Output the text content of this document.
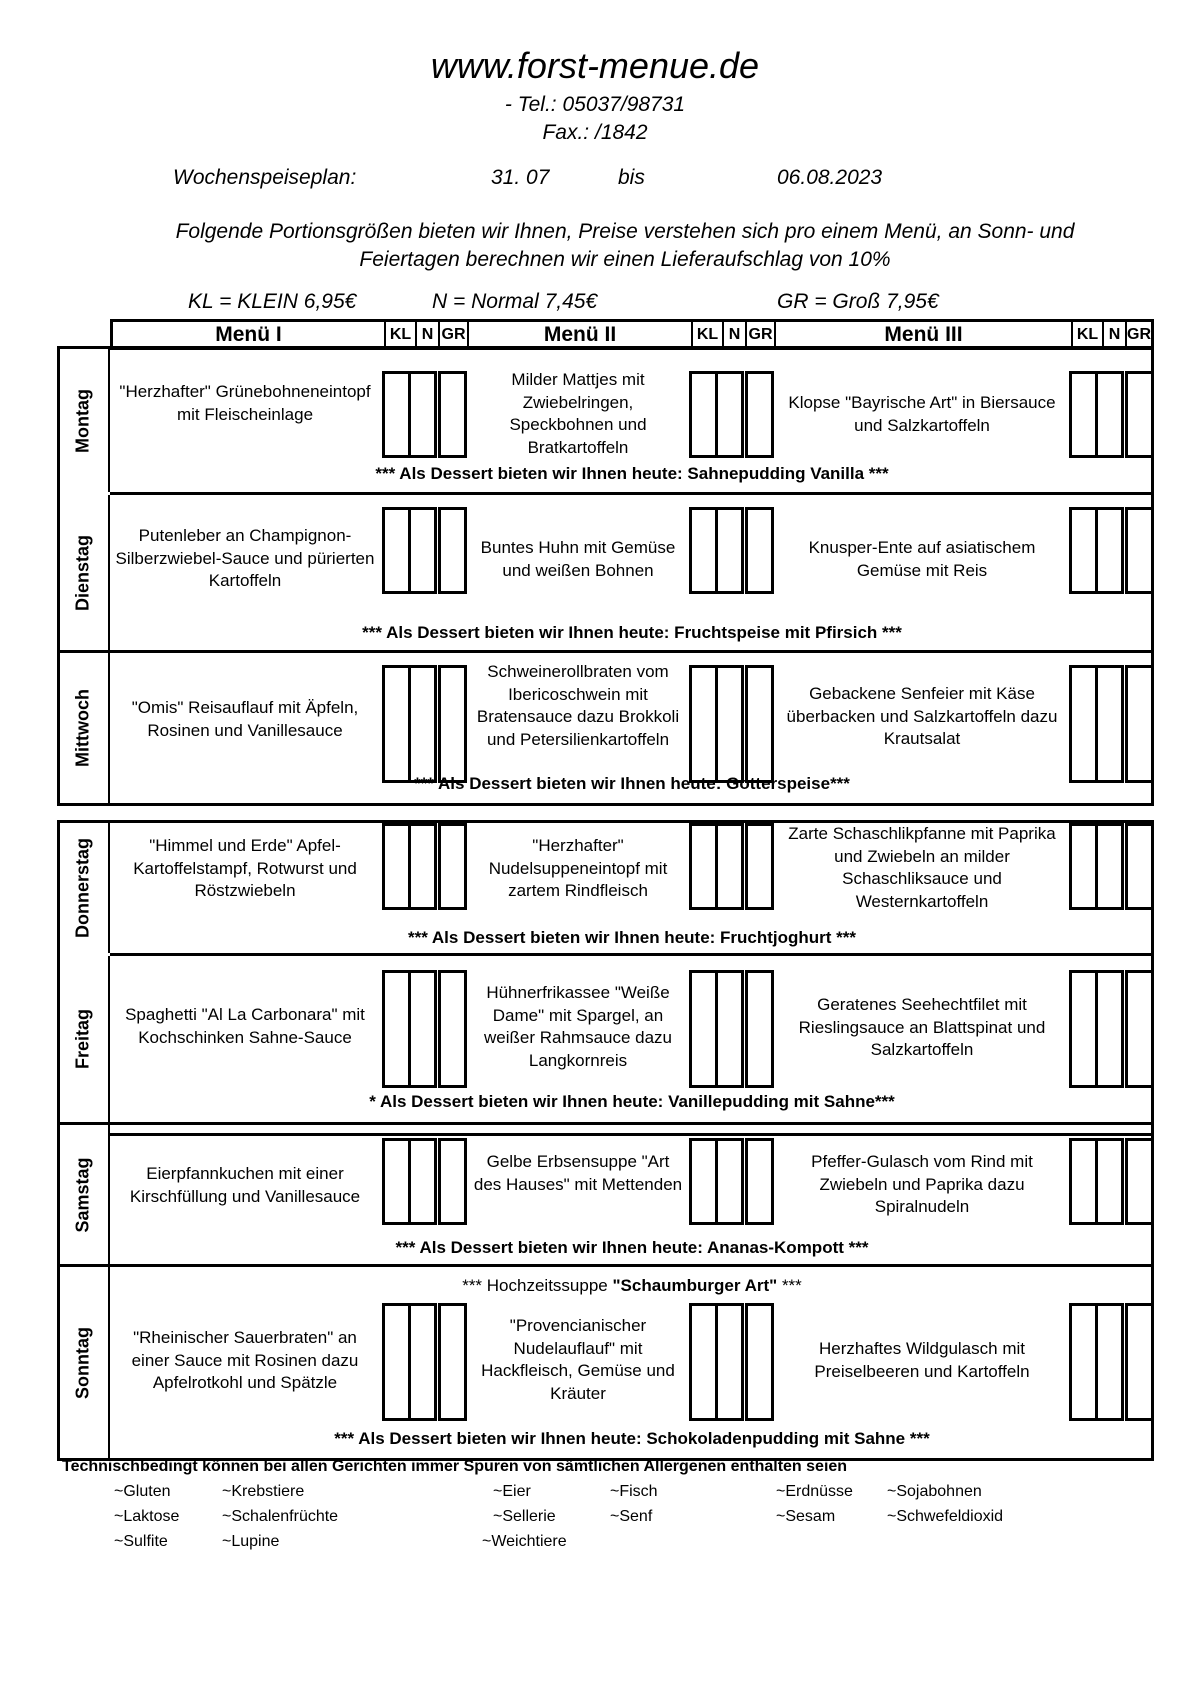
www.forst-menue.de
- Tel.: 05037/98731
Fax.: /1842
Wochenspeiseplan:	31. 07	bis	06.08.2023
Folgende Portionsgrößen bieten wir Ihnen, Preise verstehen sich pro einem Menü, an Sonn- und Feiertagen berechnen wir einen Lieferaufschlag von 10%
KL = KLEIN 6,95€	N = Normal 7,45€	GR = Groß 7,95€
Menü I	KL N GR	Menü II	KL N GR	Menü III	KL N GR
Montag "Herzhafter" Grünebohneneintopf mit Fleischeinlage
Milder Mattjes mit Zwiebelringen, Speckbohnen und Bratkartoffeln
Klopse "Bayrische Art" in Biersauce und Salzkartoffeln
*** Als Dessert bieten wir Ihnen heute: Sahnepudding Vanilla ***
Dienstag	Putenleber an Champignon-Silberzwiebel-Sauce und pürierten Kartoffeln
Buntes Huhn mit Gemüse und weißen Bohnen
Knusper-Ente auf asiatischem Gemüse mit Reis
*** Als Dessert bieten wir Ihnen heute: Fruchtspeise mit Pfirsich ***
Mittwoch	"Omis" Reisauflauf mit Äpfeln, Rosinen und Vanillesauce
Schweinerollbraten vom Ibericoschwein mit Bratensauce dazu Brokkoli und Petersilienkartoffeln
Gebackene Senfeier mit Käse überbacken und Salzkartoffeln dazu Krautsalat
*** Als Dessert bieten wir Ihnen heute: Götterspeise***
Donnerstag	"Himmel und Erde" Apfel- Kartoffelstampf, Rotwurst und Röstzwiebeln
"Herzhafter" Nudelsuppeneintopf mit zartem Rindfleisch
Zarte Schaschlikpfanne mit Paprika und Zwiebeln an milder Schaschliksauce und Westernkartoffeln
*** Als Dessert bieten wir Ihnen heute: Fruchtjoghurt ***
Freitag	Spaghetti "Al La Carbonara" mit Kochschinken Sahne-Sauce
Hühnerfrikassee "Weiße Dame" mit Spargel, an weißer Rahmsauce dazu Langkornreis
Geratenes Seehechtfilet mit Rieslingsauce an Blattspinat und Salzkartoffeln
* Als Dessert bieten wir Ihnen heute: Vanillepudding mit Sahne***
Samstag	Eierpfannkuchen mit einer Kirschfüllung und Vanillesauce
Gelbe Erbsensuppe "Art des Hauses" mit Mettenden
Pfeffer-Gulasch vom Rind mit Zwiebeln und Paprika dazu Spiralnudeln
*** Als Dessert bieten wir Ihnen heute: Ananas-Kompott ***
Sonntag
*** Hochzeitssuppe "Schaumburger Art" ***
"Rheinischer Sauerbraten" an einer Sauce mit Rosinen dazu Apfelrotkohl und Spätzle
"Provencianischer Nudelauflauf" mit Hackfleisch, Gemüse und Kräuter
Herzhaftes Wildgulasch mit Preiselbeeren und Kartoffeln
*** Als Dessert bieten wir Ihnen heute: Schokoladenpudding mit Sahne ***
Technischbedingt können bei allen Gerichten immer Spuren von sämtlichen Allergenen enthalten seien
~Gluten	~Krebstiere	~Eier	~Fisch	~Erdnüsse ~Sojabohnen
~Laktose	~Schalenfrüchte	~Sellerie	~Senf	~Sesam	~Schwefeldioxid
~Sulfite	~Lupine	~Weichtiere
